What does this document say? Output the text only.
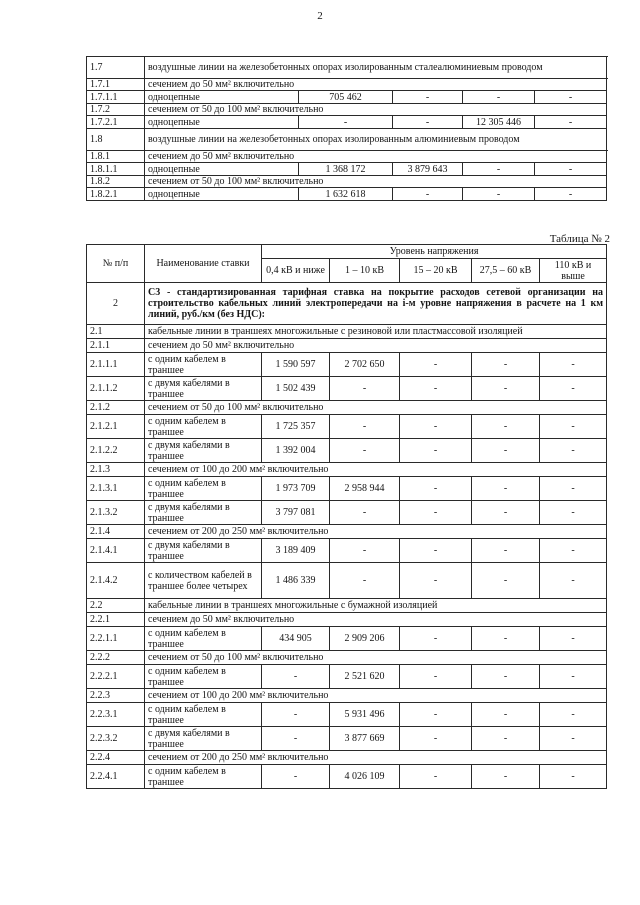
2
1.7	воздушные линии на железобетонных опорах изолированным сталеалюминиевым проводом					
1.7.1	сечением до 50 мм² включительно					
1.7.1.1	одноцепные	705 462	-	-	-	
1.7.2	сечением от 50 до 100 мм² включительно					
1.7.2.1	одноцепные	-	-	12 305 446	-	
1.8	воздушные линии на железобетонных опорах изолированным алюминиевым проводом					
1.8.1	сечением до 50 мм² включительно					
1.8.1.1	одноцепные	1 368 172	3 879 643	-	-	
1.8.2	сечением от 50 до 100 мм² включительно					
1.8.2.1	одноцепные	1 632 618	-	-	-	
Таблица № 2
№ п/п	Наименование ставки	Уровень напряжения				
		0,4 кВ и ниже	1 – 10 кВ	15 – 20 кВ	27,5 – 60 кВ	110 кВ и выше
2	С3 - стандартизированная тарифная ставка на покрытие расходов сетевой организации на строительство кабельных линий электропередачи на i-м уровне напряжения в расчете на 1 км линий, руб./км (без НДС):					
2.1	кабельные линии в траншеях многожильные с резиновой или пластмассовой изоляцией					
2.1.1	сечением до 50 мм² включительно					
2.1.1.1	с одним кабелем в траншее	1 590 597	2 702 650	-	-	-
2.1.1.2	с двумя кабелями в траншее	1 502 439	-	-	-	-
2.1.2	сечением от 50 до 100 мм² включительно					
2.1.2.1	с одним кабелем в траншее	1 725 357	-	-	-	-
2.1.2.2	с двумя кабелями в траншее	1 392 004	-	-	-	-
2.1.3	сечением от 100 до 200 мм² включительно					
2.1.3.1	с одним кабелем в траншее	1 973 709	2 958 944	-	-	-
2.1.3.2	с двумя кабелями в траншее	3 797 081	-	-	-	-
2.1.4	сечением от 200 до 250 мм² включительно					
2.1.4.1	с двумя кабелями в траншее	3 189 409	-	-	-	-
2.1.4.2	с количеством кабелей в траншее более четырех	1 486 339	-	-	-	-
2.2	кабельные линии в траншеях многожильные с бумажной изоляцией					
2.2.1	сечением до 50 мм² включительно					
2.2.1.1	с одним кабелем в траншее	434 905	2 909 206	-	-	-
2.2.2	сечением от 50 до 100 мм² включительно					
2.2.2.1	с одним кабелем в траншее	-	2 521 620	-	-	-
2.2.3	сечением от 100 до 200 мм² включительно					
2.2.3.1	с одним кабелем в траншее	-	5 931 496	-	-	-
2.2.3.2	с двумя кабелями в траншее	-	3 877 669	-	-	-
2.2.4	сечением от 200 до 250 мм² включительно					
2.2.4.1	с одним кабелем в траншее	-	4 026 109	-	-	-
